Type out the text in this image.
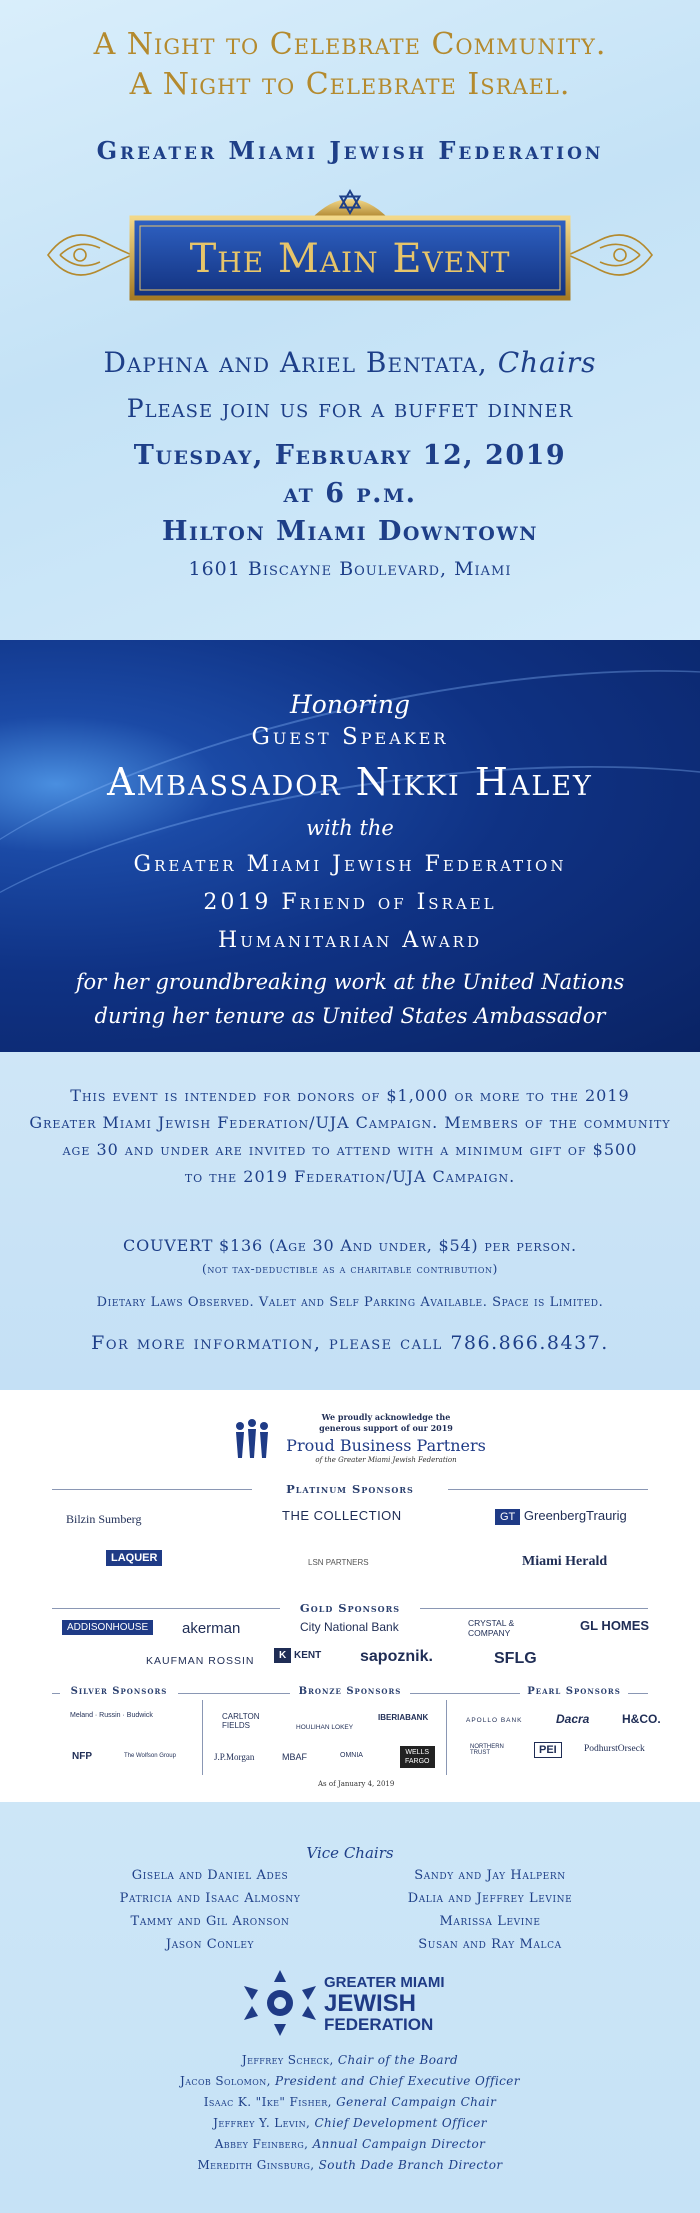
A Night to Celebrate Community.
A Night to Celebrate Israel.
Greater Miami Jewish Federation
The Main Event
Daphna and Ariel Bentata, Chairs
Please join us for a buffet dinner
Tuesday, February 12, 2019
at 6 p.m.
Hilton Miami Downtown
1601 Biscayne Boulevard, Miami
Honoring
Guest Speaker
Ambassador Nikki Haley
with the
Greater Miami Jewish Federation
2019 Friend of Israel
Humanitarian Award
for her groundbreaking work at the United Nations
during her tenure as United States Ambassador
This event is intended for donors of $1,000 or more to the 2019
Greater Miami Jewish Federation/UJA Campaign. Members of the community
age 30 and under are invited to attend with a minimum gift of $500
to the 2019 Federation/UJA Campaign.
COUVERT $136 (Age 30 And under, $54) per person.
(not tax-deductible as a charitable contribution)
Dietary Laws Observed. Valet and Self Parking Available. Space is Limited.
For more information, please call 786.866.8437.
We proudly acknowledge the
generous support of our 2019
Proud Business Partners
of the Greater Miami Jewish Federation
Platinum Sponsors
Bilzin Sumberg	THE COLLECTION	GT GreenbergTraurig
LAQUER	LSN PARTNERS	Miami Herald
Gold Sponsors
ADDISONHOUSE	akerman	City National Bank	CRYSTAL & COMPANY	GL HOMES
KAUFMAN ROSSIN	K KENT sapoznik.	SFLG
Silver Sponsors	Bronze Sponsors	Pearl Sponsors
Meland · Russin · Budwick
NFP	The Wolfson Group
CARLTON FIELDS	HOULIHAN LOKEY
IBERIABANK
J.P.Morgan	MBAF	OMNIA	WELLS FARGO
APOLLO BANK	Dacra	H&CO.
NORTHERN TRUST	PEI	PodhurstOrseck
As of January 4, 2019
Vice Chairs
Gisela and Daniel Ades
Patricia and Isaac Almosny
Tammy and Gil Aronson
Jason Conley
Sandy and Jay Halpern
Dalia and Jeffrey Levine
Marissa Levine
Susan and Ray Malca
GREATER MIAMI
JEWISH
FEDERATION
Jeffrey Scheck, Chair of the Board
Jacob Solomon, President and Chief Executive Officer
Isaac K. "Ike" Fisher, General Campaign Chair
Jeffrey Y. Levin, Chief Development Officer
Abbey Feinberg, Annual Campaign Director
Meredith Ginsburg, South Dade Branch Director
